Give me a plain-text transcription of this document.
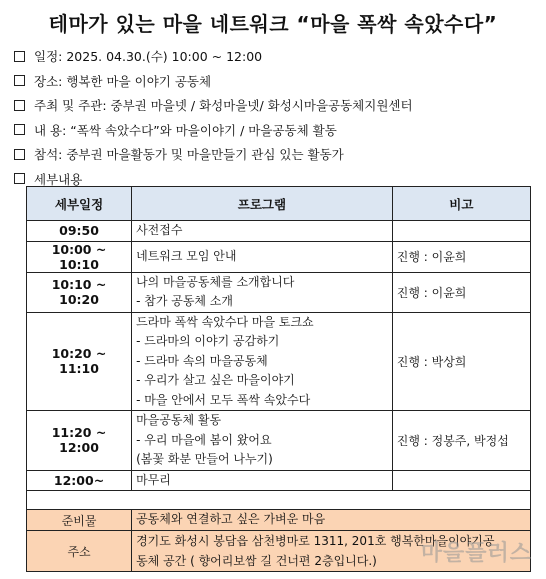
테마가 있는 마을 네트워크 “마을 폭싹 속았수다”
일정: 2025. 04.30.(수) 10:00 ~ 12:00
장소: 행복한 마을 이야기 공동체
주최 및 주관: 중부권 마을넷 / 화성마을넷/ 화성시마을공동체지원센터
내 용: “폭싹 속았수다”와 마을이야기 / 마을공동체 활동
참석: 중부권 마을활동가 및 마을만들기 관심 있는 활동가
세부내용
세부일정	프로그램	비고
09:50	사전접수	

10:00 ~ 10:10	네트워크 모임 안내	진행 : 이윤희
10:10 ~ 10:20	나의 마을공동체를 소개합니다
- 참가 공동체 소개	진행 : 이윤희
10:20 ~ 11:10	드라마 폭싹 속았수다 마을 토크쇼
- 드라마의 이야기 공감하기
- 드라마 속의 마을공동체
- 우리가 살고 싶은 마을이야기
- 마을 안에서 모두 폭싹 속았수다	진행 : 박상희
11:20 ~ 12:00	마을공동체 활동
- 우리 마을에 봄이 왔어요
(봄꽃 화분 만들어 나누기)	진행 : 정봉주, 박정섭
12:00~	마무리	

준비물	공동체와 연결하고 싶은 가벼운 마음	

주소	경기도 화성시 봉담읍 삼천병마로 1311, 201호 행복한마을이야기공
동체 공간 ( 향어리보쌈 길 건너편 2층입니다.)		마을플러스
